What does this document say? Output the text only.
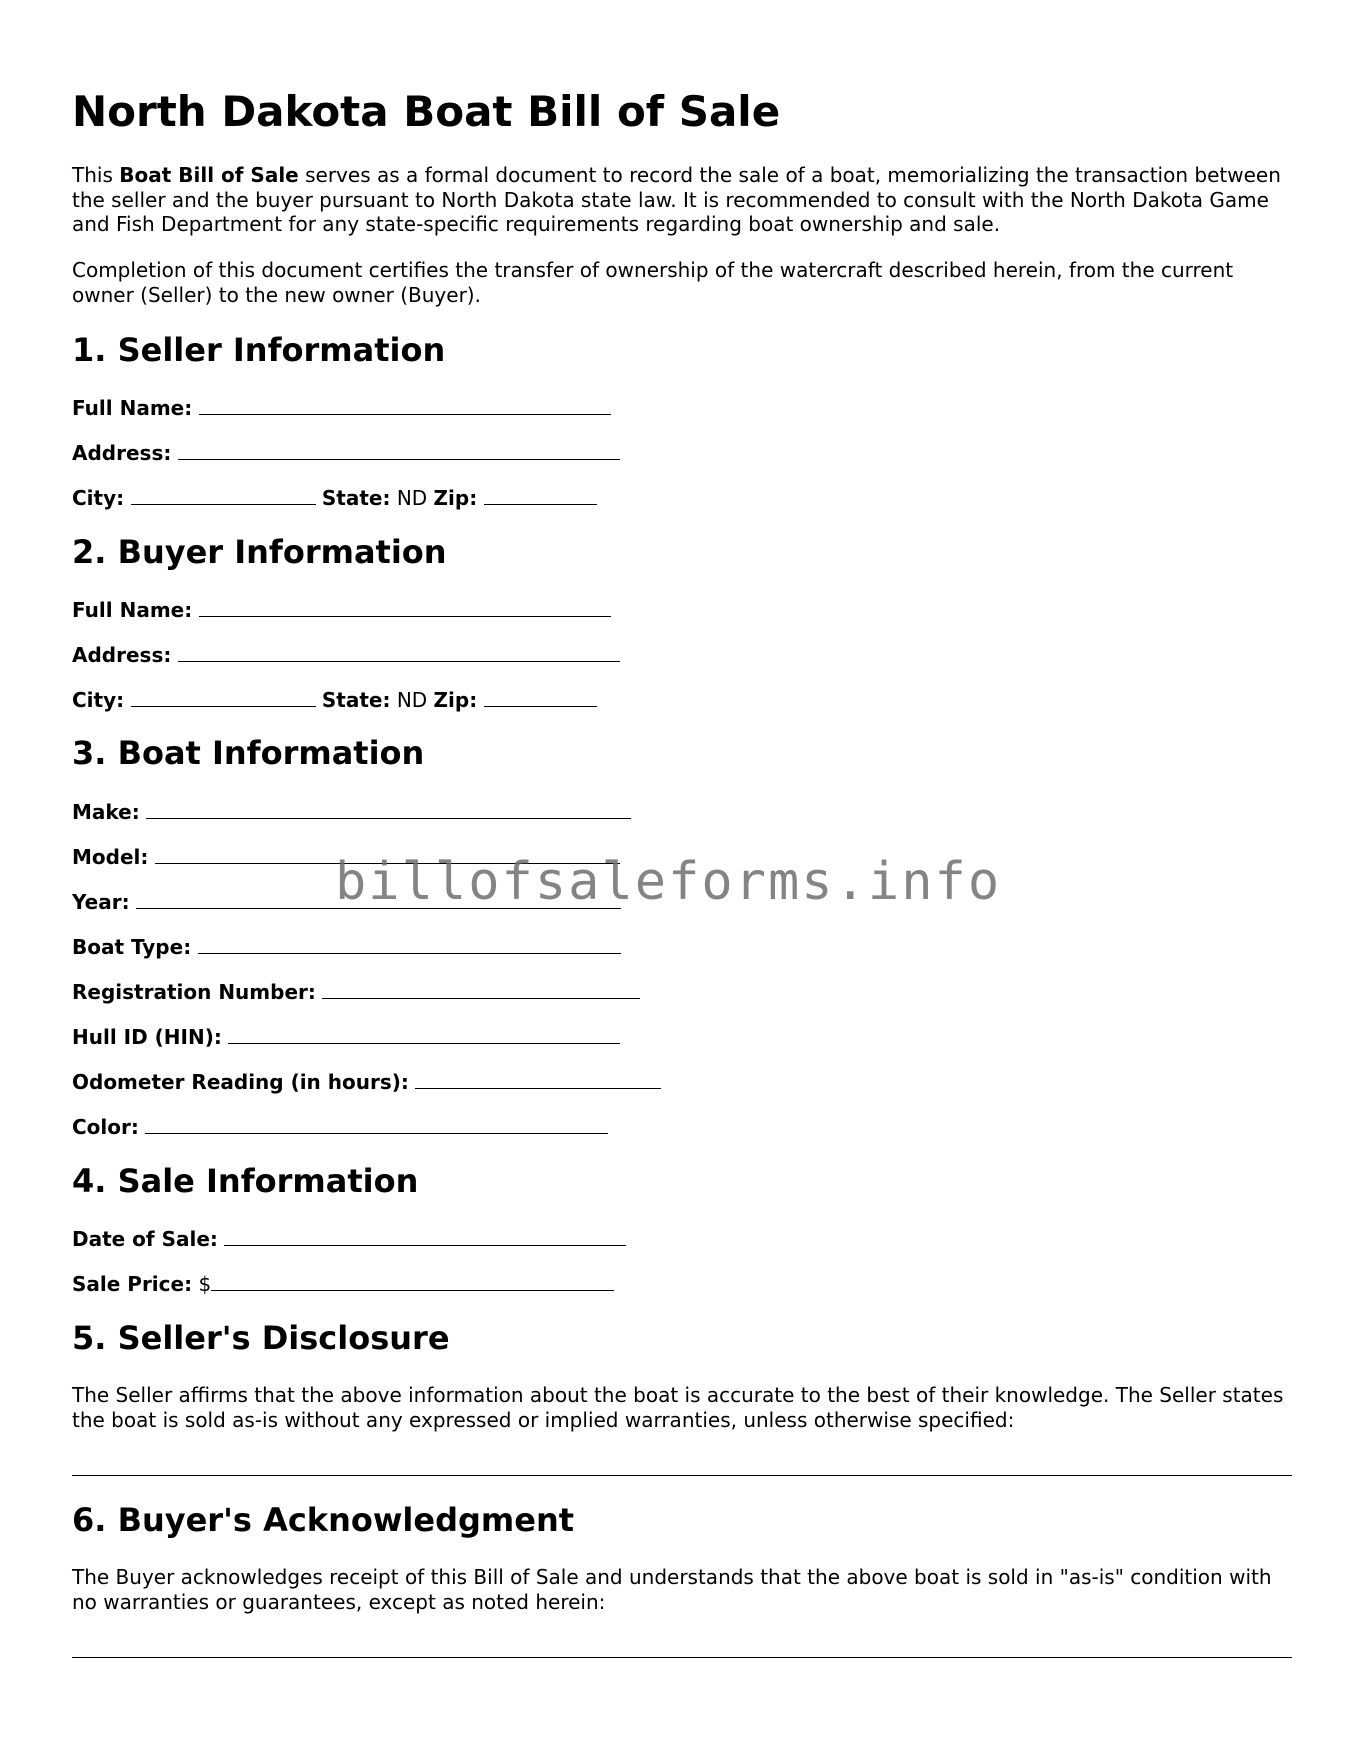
North Dakota Boat Bill of Sale

This Boat Bill of Sale serves as a formal document to record the sale of a boat, memorializing the transaction between the seller and the buyer pursuant to North Dakota state law. It is recommended to consult with the North Dakota Game and Fish Department for any state-specific requirements regarding boat ownership and sale.

Completion of this document certifies the transfer of ownership of the watercraft described herein, from the current owner (Seller) to the new owner (Buyer).

1. Seller Information
Full Name:
Address:
City:	State: ND Zip:
2. Buyer Information
Full Name:
Address:
City:	State: ND Zip:
3. Boat Information
Make:
Model:
Year:
Boat Type:
Registration Number:
Hull ID (HIN):
Odometer Reading (in hours):
Color:
4. Sale Information
Date of Sale:
Sale Price: $
5. Seller's Disclosure

The Seller affirms that the above information about the boat is accurate to the best of their knowledge. The Seller states the boat is sold as-is without any expressed or implied warranties, unless otherwise specified:

6. Buyer's Acknowledgment

The Buyer acknowledges receipt of this Bill of Sale and understands that the above boat is sold in "as-is" condition with no warranties or guarantees, except as noted herein:

billofsaleforms.info
